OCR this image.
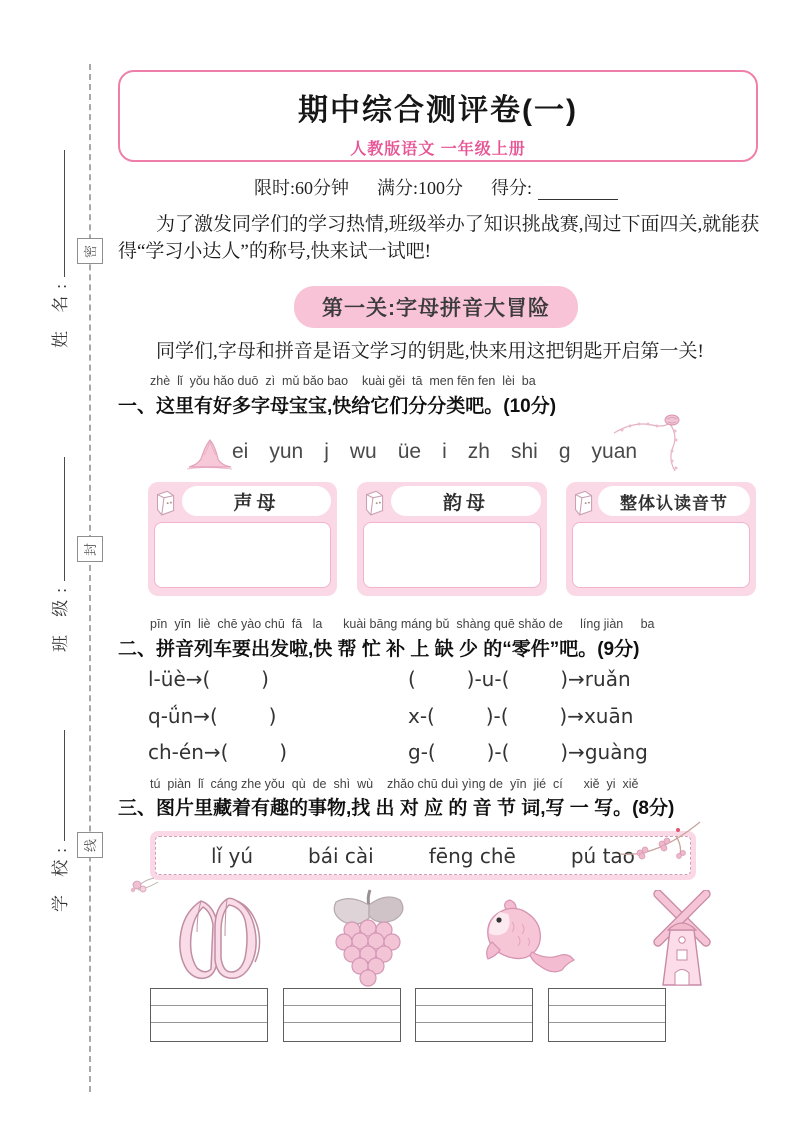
密
封
线
姓 名:
班 级:
学 校:
期中综合测评卷(一)
人教版语文 一年级上册
限时:60分钟 满分:100分 得分:
为了激发同学们的学习热情,班级举办了知识挑战赛,闯过下面四关,就能获得“学习小达人”的称号,快来试一试吧!
第一关:字母拼音大冒险
同学们,字母和拼音是语文学习的钥匙,快来用这把钥匙开启第一关!
zhè  lǐ  yǒu hǎo duō  zì  mǔ bǎo bao    kuài gěi  tā  men fēn fen  lèi  ba
一、这里有好多字母宝宝,快给它们分分类吧。(10分)
ei yun j wu üe i zh shi g yuan
声母	韵母	整体认读音节
pīn  yīn  liè  chē yào chū  fā   la      kuài bāng máng bǔ  shàng quē shǎo de     líng jiàn     ba
二、拼音列车要出发啦,快 帮 忙 补 上 缺 少 的“零件”吧。(9分)
l-üè→(        )	(        )-u-(        )→ruǎn
q-ǘn→(        )	x-(        )-(        )→xuān
ch-én→(        )	g-(        )-(        )→guàng
tú  piàn  lǐ  cáng zhe yǒu  qù  de  shì  wù    zhǎo chū duì yìng de  yīn  jié  cí      xiě  yi  xiě
三、图片里藏着有趣的事物,找 出 对 应 的 音 节 词,写 一 写。(8分)
lǐ yú	bái cài	fēng chē	pú tao
